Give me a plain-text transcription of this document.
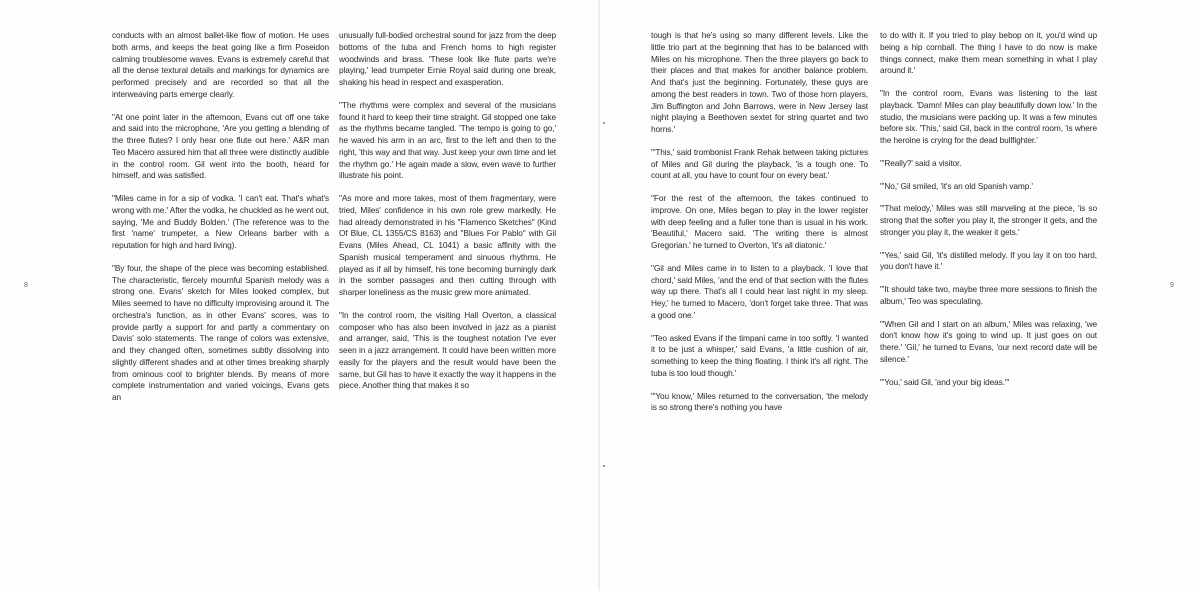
8	9

conducts with an almost ballet-like flow of motion. He uses both arms, and keeps the beat going like a firm Poseidon calming troublesome waves. Evans is extremely careful that all the dense textural details and markings for dynamics are performed precisely and are recorded so that all the interweaving parts emerge clearly.

"At one point later in the afternoon, Evans cut off one take and said into the microphone, 'Are you getting a blending of the three flutes? I only hear one flute out here.' A&R man Teo Macero assured him that all three were distinctly audible in the control room. Gil went into the booth, heard for himself, and was satisfied.

"Miles came in for a sip of vodka. 'I can't eat. That's what's wrong with me.' After the vodka, he chuckled as he went out, saying, 'Me and Buddy Bolden.' (The reference was to the first 'name' trumpeter, a New Orleans barber with a reputation for high and hard living).

"By four, the shape of the piece was becoming established. The characteristic, fiercely mournful Spanish melody was a strong one. Evans' sketch for Miles looked complex, but Miles seemed to have no difficulty improvising around it. The orchestra's function, as in other Evans' scores, was to provide partly a support for and partly a commentary on Davis' solo statements. The range of colors was extensive, and they changed often, sometimes subtly dissolving into slightly different shades and at other times breaking sharply from ominous cool to brighter blends. By means of more complete instrumentation and varied voicings, Evans gets an

unusually full-bodied orchestral sound for jazz from the deep bottoms of the tuba and French horns to high register woodwinds and brass. 'These look like flute parts we're playing,' lead trumpeter Ernie Royal said during one break, shaking his head in respect and exasperation.

"The rhythms were complex and several of the musicians found it hard to keep their time straight. Gil stopped one take as the rhythms became tangled. 'The tempo is going to go,' he waved his arm in an arc, first to the left and then to the right, 'this way and that way. Just keep your own time and let the rhythm go.' He again made a slow, even wave to further illustrate his point.

"As more and more takes, most of them fragmentary, were tried, Miles' confidence in his own role grew markedly. He had already demonstrated in his "Flamenco Sketches" (Kind Of Blue, CL 1355/CS 8163) and "Blues For Pablo" with Gil Evans (Miles Ahead, CL 1041) a basic affinity with the Spanish musical temperament and sinuous rhythms. He played as if all by himself, his tone becoming burningly dark in the somber passages and then cutting through with sharper loneliness as the music grew more animated.

"In the control room, the visiting Hall Overton, a classical composer who has also been involved in jazz as a pianist and arranger, said, 'This is the toughest notation I've ever seen in a jazz arrangement. It could have been written more easily for the players and the result would have been the same, but Gil has to have it exactly the way it happens in the piece. Another thing that makes it so

tough is that he's using so many different levels. Like the little trio part at the beginning that has to be balanced with Miles on his microphone. Then the three players go back to their places and that makes for another balance problem. And that's just the beginning. Fortunately, these guys are among the best readers in town. Two of those horn players, Jim Buffington and John Barrows, were in New Jersey last night playing a Beethoven sextet for string quartet and two horns.'

"'This,' said trombonist Frank Rehak between taking pictures of Miles and Gil during the playback, 'is a tough one. To count at all, you have to count four on every beat.'

"For the rest of the afternoon, the takes continued to improve. On one, Miles began to play in the lower register with deep feeling and a fuller tone than is usual in his work. 'Beautiful,' Macero said. 'The writing there is almost Gregorian.' he turned to Overton, 'it's all diatonic.'

"Gil and Miles came in to listen to a playback. 'I love that chord,' said Miles, 'and the end of that section with the flutes way up there. That's all I could hear last night in my sleep. Hey,' he turned to Macero, 'don't forget take three. That was a good one.'

"Teo asked Evans if the timpani came in too softly. 'I wanted it to be just a whisper,' said Evans, 'a little cushion of air, something to keep the thing floating. I think it's all right. The tuba is too loud though.'

"'You know,' Miles returned to the conversation, 'the melody is so strong there's nothing you have

to do with it. If you tried to play bebop on it, you'd wind up being a hip cornball. The thing I have to do now is make things connect, make them mean something in what I play around it.'

"In the control room, Evans was listening to the last playback. 'Damn! Miles can play beautifully down low.' In the studio, the musicians were packing up. It was a few minutes before six. 'This,' said Gil, back in the control room, 'is where the heroine is crying for the dead bullfighter.'

"'Really?' said a visitor.

"'No,' Gil smiled, 'it's an old Spanish vamp.'

"'That melody,' Miles was still marveling at the piece, 'is so strong that the softer you play it, the stronger it gets, and the stronger you play it, the weaker it gets.'

"'Yes,' said Gil, 'it's distilled melody. If you lay it on too hard, you don't have it.'

"'It should take two, maybe three more sessions to finish the album,' Teo was speculating.

"'When Gil and I start on an album,' Miles was relaxing, 'we don't know how it's going to wind up. It just goes on out there.' 'Gil,' he turned to Evans, 'our next record date will be silence.'

"'You,' said Gil, 'and your big ideas.'"
